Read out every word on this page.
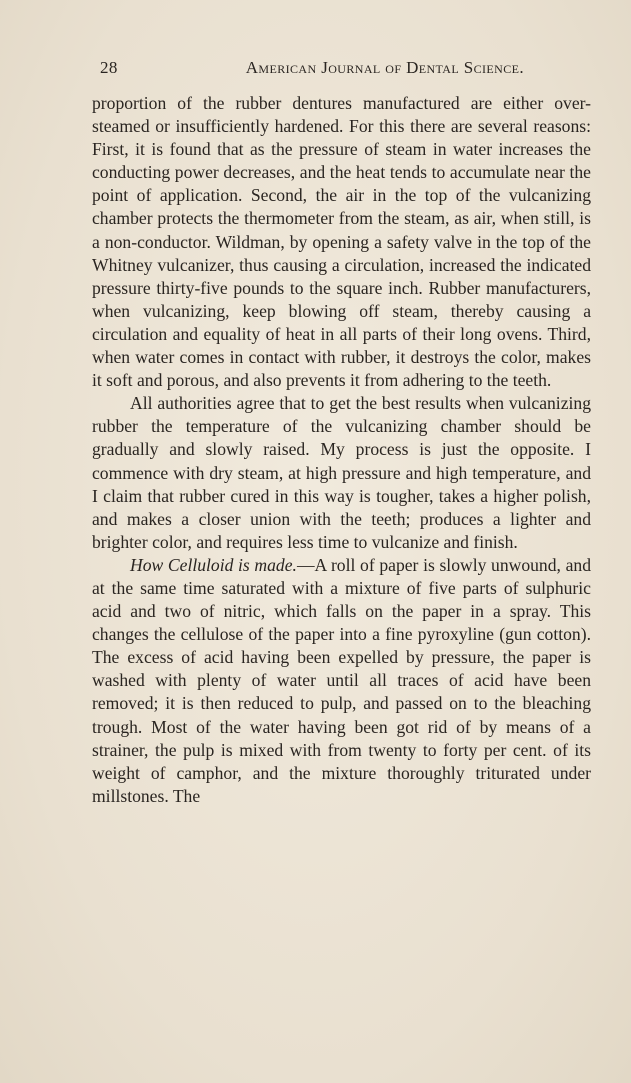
28	American Journal of Dental Science.

proportion of the rubber dentures manufactured are either over-steamed or insufficiently hardened. For this there are several reasons: First, it is found that as the pressure of steam in water increases the conducting power decreases, and the heat tends to accumulate near the point of application. Second, the air in the top of the vulcanizing chamber protects the thermometer from the steam, as air, when still, is a non-conductor. Wildman, by opening a safety valve in the top of the Whitney vulcanizer, thus causing a circulation, increased the indicated pressure thirty-five pounds to the square inch. Rubber manufacturers, when vulcanizing, keep blowing off steam, thereby causing a circulation and equality of heat in all parts of their long ovens. Third, when water comes in contact with rubber, it destroys the color, makes it soft and porous, and also prevents it from adhering to the teeth.

All authorities agree that to get the best results when vulcanizing rubber the temperature of the vulcanizing chamber should be gradually and slowly raised. My process is just the opposite. I commence with dry steam, at high pressure and high temperature, and I claim that rubber cured in this way is tougher, takes a higher polish, and makes a closer union with the teeth; produces a lighter and brighter color, and requires less time to vulcanize and finish.

How Celluloid is made.—A roll of paper is slowly unwound, and at the same time saturated with a mixture of five parts of sulphuric acid and two of nitric, which falls on the paper in a spray. This changes the cellulose of the paper into a fine pyroxyline (gun cotton). The excess of acid having been expelled by pressure, the paper is washed with plenty of water until all traces of acid have been removed; it is then reduced to pulp, and passed on to the bleaching trough. Most of the water having been got rid of by means of a strainer, the pulp is mixed with from twenty to forty per cent. of its weight of camphor, and the mixture thoroughly triturated under millstones. The
